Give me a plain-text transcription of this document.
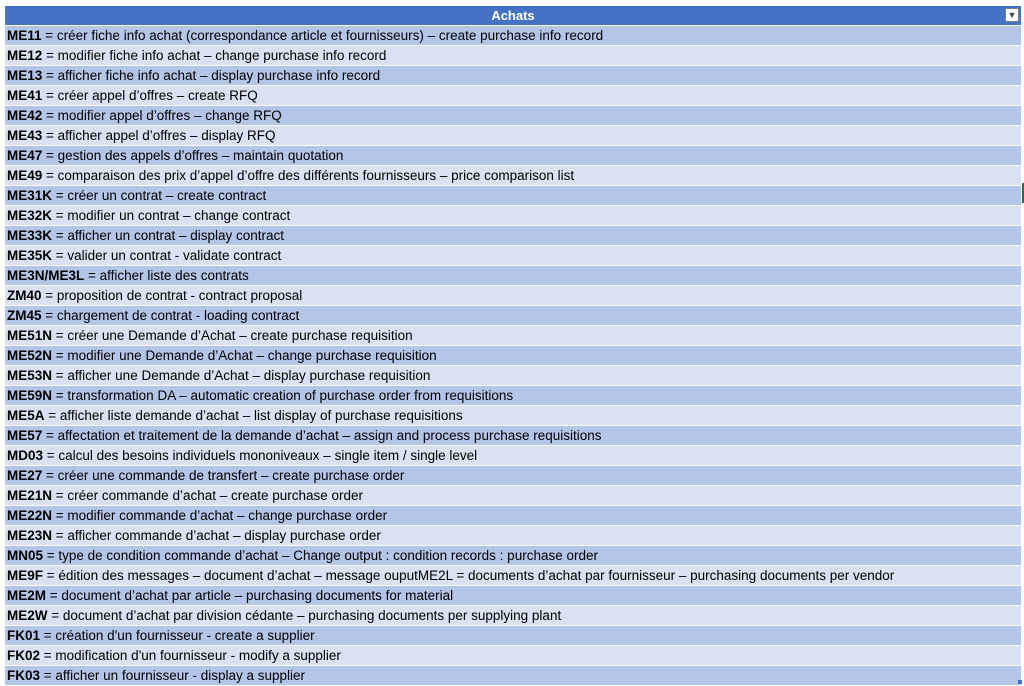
Achats	▼
ME11 = créer fiche info achat (correspondance article et fournisseurs) – create purchase info record
ME12 = modifier fiche info achat – change purchase info record
ME13 = afficher fiche info achat – display purchase info record
ME41 = créer appel d’offres – create RFQ
ME42 = modifier appel d’offres – change RFQ
ME43 = afficher appel d’offres – display RFQ
ME47 = gestion des appels d’offres – maintain quotation
ME49 = comparaison des prix d’appel d’offre des différents fournisseurs – price comparison list
ME31K = créer un contrat – create contract
ME32K = modifier un contrat – change contract
ME33K = afficher un contrat – display contract
ME35K = valider un contrat - validate contract
ME3N/ME3L = afficher liste des contrats
ZM40 = proposition de contrat - contract proposal
ZM45 = chargement de contrat - loading contract
ME51N = créer une Demande d’Achat – create purchase requisition
ME52N = modifier une Demande d’Achat – change purchase requisition
ME53N = afficher une Demande d’Achat – display purchase requisition
ME59N = transformation DA – automatic creation of purchase order from requisitions
ME5A = afficher liste demande d’achat – list display of purchase requisitions
ME57 = affectation et traitement de la demande d’achat – assign and process purchase requisitions
MD03 = calcul des besoins individuels mononiveaux – single item / single level
ME27 = créer une commande de transfert – create purchase order
ME21N = créer commande d’achat – create purchase order
ME22N = modifier commande d’achat – change purchase order
ME23N = afficher commande d’achat – display purchase order
MN05 = type de condition commande d’achat – Change output : condition records : purchase order
ME9F = édition des messages – document d’achat – message ouputME2L = documents d’achat par fournisseur – purchasing documents per vendor
ME2M = document d’achat par article – purchasing documents for material
ME2W = document d’achat par division cédante – purchasing documents per supplying plant
FK01 = création d'un fournisseur - create a supplier
FK02 = modification d'un fournisseur - modify a supplier
FK03 = afficher un fournisseur - display a supplier
